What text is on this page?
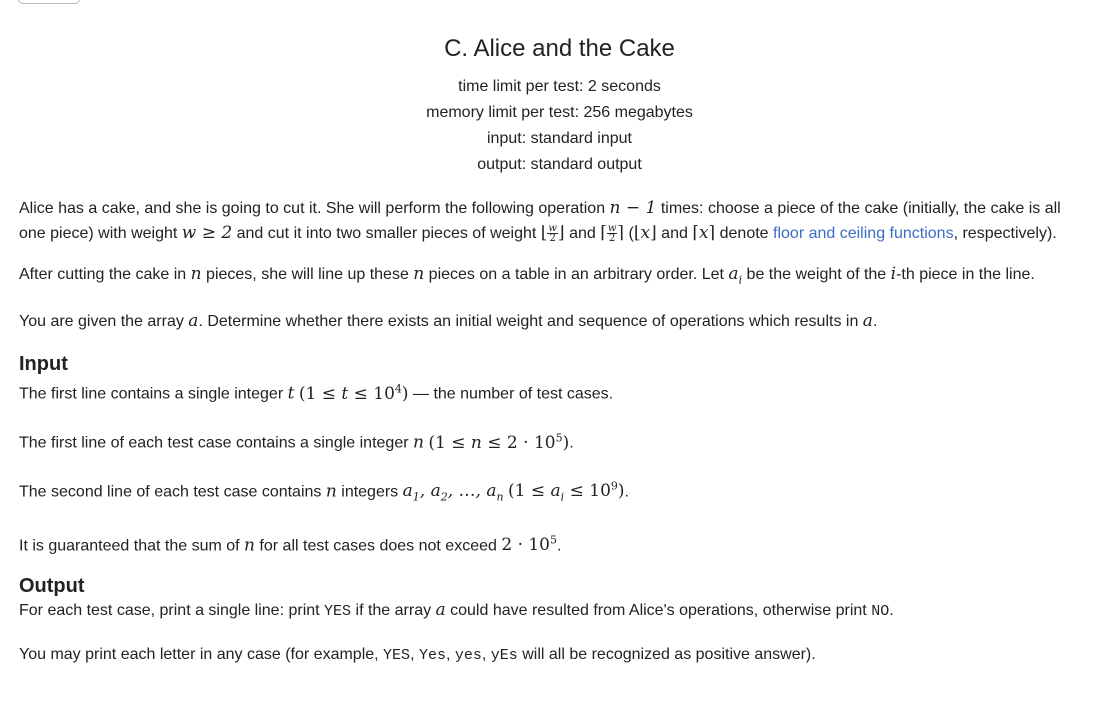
C. Alice and the Cake
time limit per test: 2 seconds
memory limit per test: 256 megabytes
input: standard input
output: standard output

Alice has a cake, and she is going to cut it. She will perform the following operation n − 1 times: choose a piece of the cake (initially, the cake is all one piece) with weight w ≥ 2 and cut it into two smaller pieces of weight ⌊ $\frac{w}{2}$ ⌋ and ⌈ $\frac{w}{2}$ ⌉ (⌊x⌋ and ⌈x⌉ denote floor and ceiling functions, respectively).

After cutting the cake in n pieces, she will line up these n pieces on a table in an arbitrary order. Let $a_i$ be the weight of the i-th piece in the line.

You are given the array a. Determine whether there exists an initial weight and sequence of operations which results in a.

Input

The first line contains a single integer t $(1 \le t \le 10^4)$ — the number of test cases.

The first line of each test case contains a single integer n $(1 \le n \le 2 \cdot 10^5)$.

The second line of each test case contains n integers $a_1$, $a_2$, …, $a_n$ $(1 \le a_i \le 10^9)$.

It is guaranteed that the sum of n for all test cases does not exceed $2 \cdot 10^5$.

Output

For each test case, print a single line: print YES if the array a could have resulted from Alice's operations, otherwise print NO.

You may print each letter in any case (for example, YES, Yes, yes, yEs will all be recognized as positive answer).
